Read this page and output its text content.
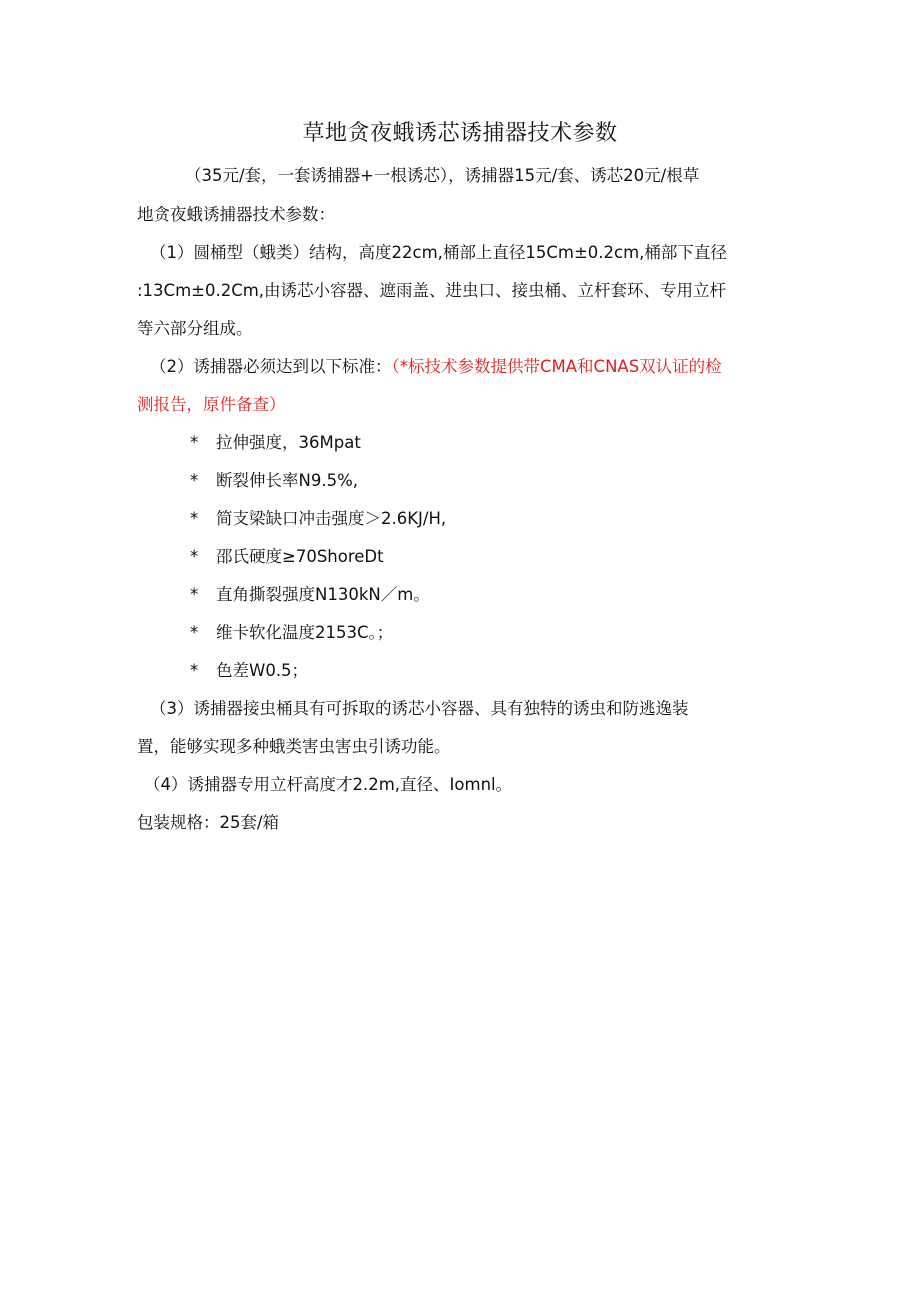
草地贪夜蛾诱芯诱捕器技术参数
（35元/套，一套诱捕器+一根诱芯），诱捕器15元/套、诱芯20元/根草
地贪夜蛾诱捕器技术参数：
（1）圆桶型（蛾类）结构，高度22cm,桶部上直径15Cm±0.2cm,桶部下直径
:13Cm±0.2Cm,由诱芯小容器、遮雨盖、进虫口、接虫桶、立杆套环、专用立杆
等六部分组成。
（2）诱捕器必须达到以下标准：（*标技术参数提供带CMA和CNAS双认证的检
测报告，原件备查）
* 拉伸强度，36Mpat
* 断裂伸长率N9.5%,
* 简支梁缺口冲击强度＞2.6KJ/H,
* 邵氏硬度≥70ShoreDt
* 直角撕裂强度N130kN／m。
* 维卡软化温度2153C。；
* 色差W0.5；
（3）诱捕器接虫桶具有可拆取的诱芯小容器、具有独特的诱虫和防逃逸装
置，能够实现多种蛾类害虫害虫引诱功能。
（4）诱捕器专用立杆高度才2.2m,直径、Iomnl。
包装规格：25套/箱
